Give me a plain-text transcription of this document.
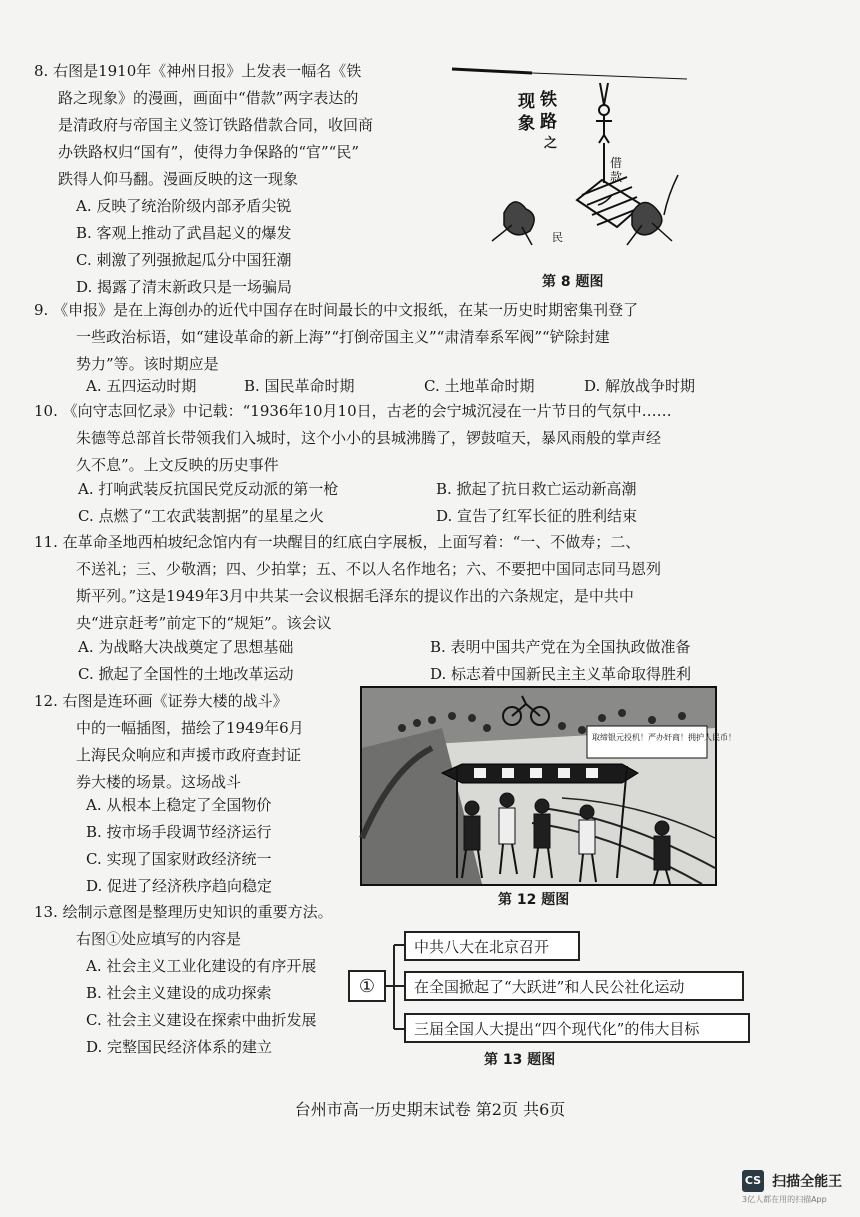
8. 右图是1910年《神州日报》上发表一幅名《铁
路之现象》的漫画，画面中“借款”两字表达的
是清政府与帝国主义签订铁路借款合同，收回商
办铁路权归“国有”，使得力争保路的“官”“民”
跌得人仰马翻。漫画反映的这一现象
A. 反映了统治阶级内部矛盾尖锐
B. 客观上推动了武昌起义的爆发
C. 刺激了列强掀起瓜分中国狂潮
D. 揭露了清末新政只是一场骗局
铁
路
之
现
象
借
款
民
第 8 题图
9. 《申报》是在上海创办的近代中国存在时间最长的中文报纸，在某一历史时期密集刊登了
一些政治标语，如“建设革命的新上海”“打倒帝国主义”“肃清奉系军阀”“铲除封建
势力”等。该时期应是
A. 五四运动时期	B. 国民革命时期	C. 土地革命时期	D. 解放战争时期
10. 《向守志回忆录》中记载：“1936年10月10日，古老的会宁城沉浸在一片节日的气氛中……
朱德等总部首长带领我们入城时，这个小小的县城沸腾了，锣鼓喧天，暴风雨般的掌声经
久不息”。上文反映的历史事件
A. 打响武装反抗国民党反动派的第一枪	B. 掀起了抗日救亡运动新高潮
C. 点燃了“工农武装割据”的星星之火	D. 宣告了红军长征的胜利结束
11. 在革命圣地西柏坡纪念馆内有一块醒目的红底白字展板，上面写着：“一、不做寿；二、
不送礼；三、少敬酒；四、少拍掌；五、不以人名作地名；六、不要把中国同志同马恩列
斯平列。”这是1949年3月中共某一会议根据毛泽东的提议作出的六条规定，是中共中
央“进京赶考”前定下的“规矩”。该会议
A. 为战略大决战奠定了思想基础	B. 表明中国共产党在为全国执政做准备
C. 掀起了全国性的土地改革运动	D. 标志着中国新民主主义革命取得胜利
12. 右图是连环画《证券大楼的战斗》
中的一幅插图，描绘了1949年6月
上海民众响应和声援市政府查封证
券大楼的场景。这场战斗
A. 从根本上稳定了全国物价
B. 按市场手段调节经济运行
C. 实现了国家财政经济统一
D. 促进了经济秩序趋向稳定
取缔银元投机！严办奸商！拥护人民币！
第 12 题图
13. 绘制示意图是整理历史知识的重要方法。
右图①处应填写的内容是
A. 社会主义工业化建设的有序开展
B. 社会主义建设的成功探索
C. 社会主义建设在探索中曲折发展
D. 完整国民经济体系的建立
①
中共八大在北京召开
在全国掀起了“大跃进”和人民公社化运动
三届全国人大提出“四个现代化”的伟大目标
第 13 题图
台州市高一历史期末试卷 第2页 共6页
CS 扫描全能王
3亿人都在用的扫描App
